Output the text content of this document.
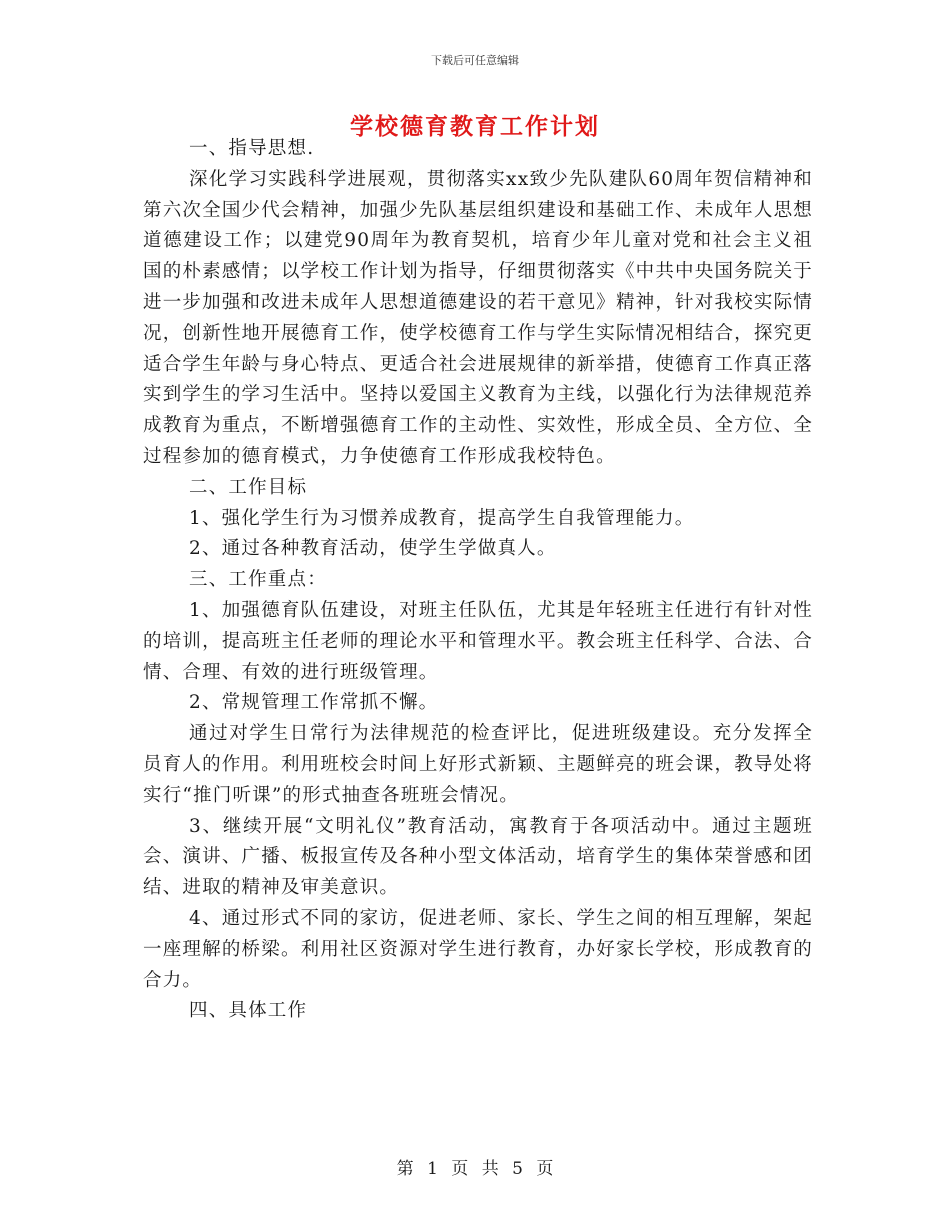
下载后可任意编辑
学校德育教育工作计划

一、指导思想.

深化学习实践科学进展观，贯彻落实xx致少先队建队60周年贺信精神和第六次全国少代会精神，加强少先队基层组织建设和基础工作、未成年人思想道德建设工作；以建党90周年为教育契机，培育少年儿童对党和社会主义祖国的朴素感情；以学校工作计划为指导，仔细贯彻落实《中共中央国务院关于进一步加强和改进未成年人思想道德建设的若干意见》精神，针对我校实际情况，创新性地开展德育工作，使学校德育工作与学生实际情况相结合，探究更适合学生年龄与身心特点、更适合社会进展规律的新举措，使德育工作真正落实到学生的学习生活中。坚持以爱国主义教育为主线，以强化行为法律规范养成教育为重点，不断增强德育工作的主动性、实效性，形成全员、全方位、全过程参加的德育模式，力争使德育工作形成我校特色。

二、工作目标

1、强化学生行为习惯养成教育，提高学生自我管理能力。

2、通过各种教育活动，使学生学做真人。

三、工作重点：

1、加强德育队伍建设，对班主任队伍，尤其是年轻班主任进行有针对性的培训，提高班主任老师的理论水平和管理水平。教会班主任科学、合法、合情、合理、有效的进行班级管理。

2、常规管理工作常抓不懈。

通过对学生日常行为法律规范的检查评比，促进班级建设。充分发挥全员育人的作用。利用班校会时间上好形式新颖、主题鲜亮的班会课，教导处将实行“推门听课”的形式抽查各班班会情况。

3、继续开展“文明礼仪”教育活动，寓教育于各项活动中。通过主题班会、演讲、广播、板报宣传及各种小型文体活动，培育学生的集体荣誉感和团结、进取的精神及审美意识。

4、通过形式不同的家访，促进老师、家长、学生之间的相互理解，架起一座理解的桥梁。利用社区资源对学生进行教育，办好家长学校，形成教育的合力。

四、具体工作

第 1 页 共 5 页
